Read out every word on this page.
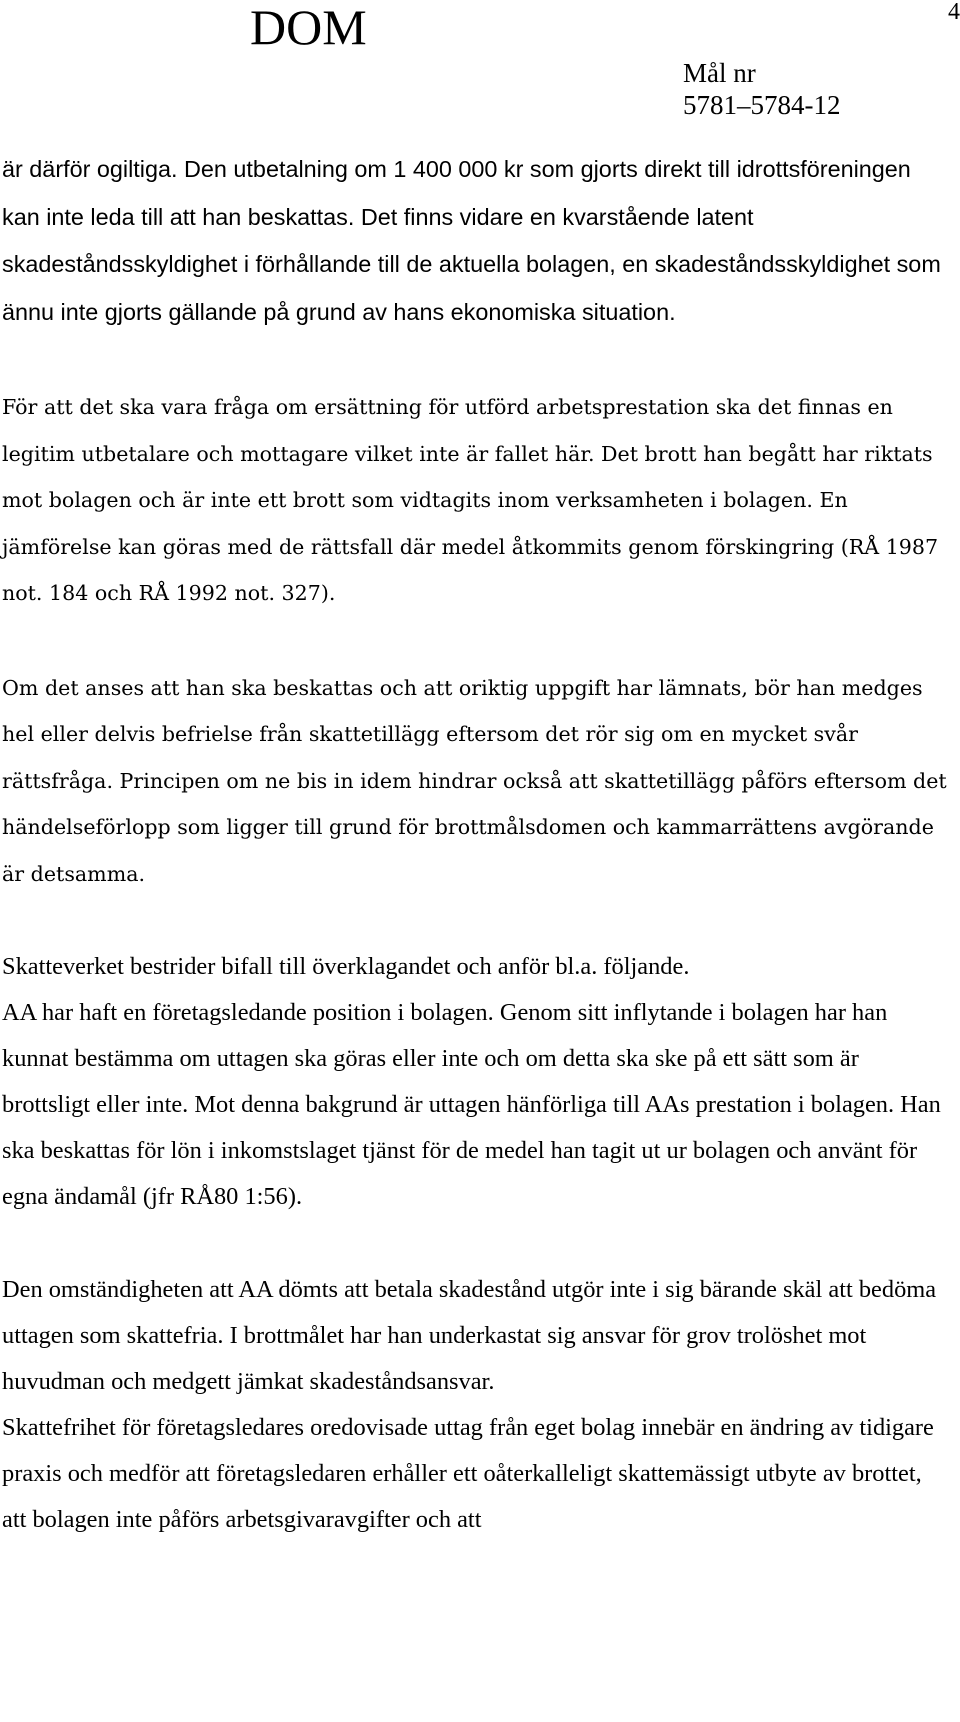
DOM	4
Mål nr
5781–5784-12

är därför ogiltiga. Den utbetalning om 1 400 000 kr som gjorts direkt till idrottsföreningen kan inte leda till att han beskattas. Det finns vidare en kvarstående latent skadeståndsskyldighet i förhållande till de aktuella bolagen, en skadeståndsskyldighet som ännu inte gjorts gällande på grund av hans ekonomiska situation.

För att det ska vara fråga om ersättning för utförd arbetsprestation ska det finnas en legitim utbetalare och mottagare vilket inte är fallet här. Det brott han begått har riktats mot bolagen och är inte ett brott som vidtagits inom verksamheten i bolagen. En jämförelse kan göras med de rättsfall där medel åtkommits genom förskingring (RÅ 1987 not. 184 och RÅ 1992 not. 327).

Om det anses att han ska beskattas och att oriktig uppgift har lämnats, bör han medges hel eller delvis befrielse från skattetillägg eftersom det rör sig om en mycket svår rättsfråga. Principen om ne bis in idem hindrar också att skattetillägg påförs eftersom det händelseförlopp som ligger till grund för brottmålsdomen och kammarrättens avgörande är detsamma.

Skatteverket bestrider bifall till överklagandet och anför bl.a. följande.

AA har haft en företagsledande position i bolagen. Genom sitt inflytande i bolagen har han kunnat bestämma om uttagen ska göras eller inte och om detta ska ske på ett sätt som är brottsligt eller inte. Mot denna bakgrund är uttagen hänförliga till AAs prestation i bolagen. Han ska beskattas för lön i inkomstslaget tjänst för de medel han tagit ut ur bolagen och använt för egna ändamål (jfr RÅ80 1:56).

Den omständigheten att AA dömts att betala skadestånd utgör inte i sig bärande skäl att bedöma uttagen som skattefria. I brottmålet har han underkastat sig ansvar för grov trolöshet mot huvudman och medgett jämkat skadeståndsansvar.

Skattefrihet för företagsledares oredovisade uttag från eget bolag innebär en ändring av tidigare praxis och medför att företagsledaren erhåller ett oåterkalleligt skattemässigt utbyte av brottet, att bolagen inte påförs arbetsgivaravgifter och att
